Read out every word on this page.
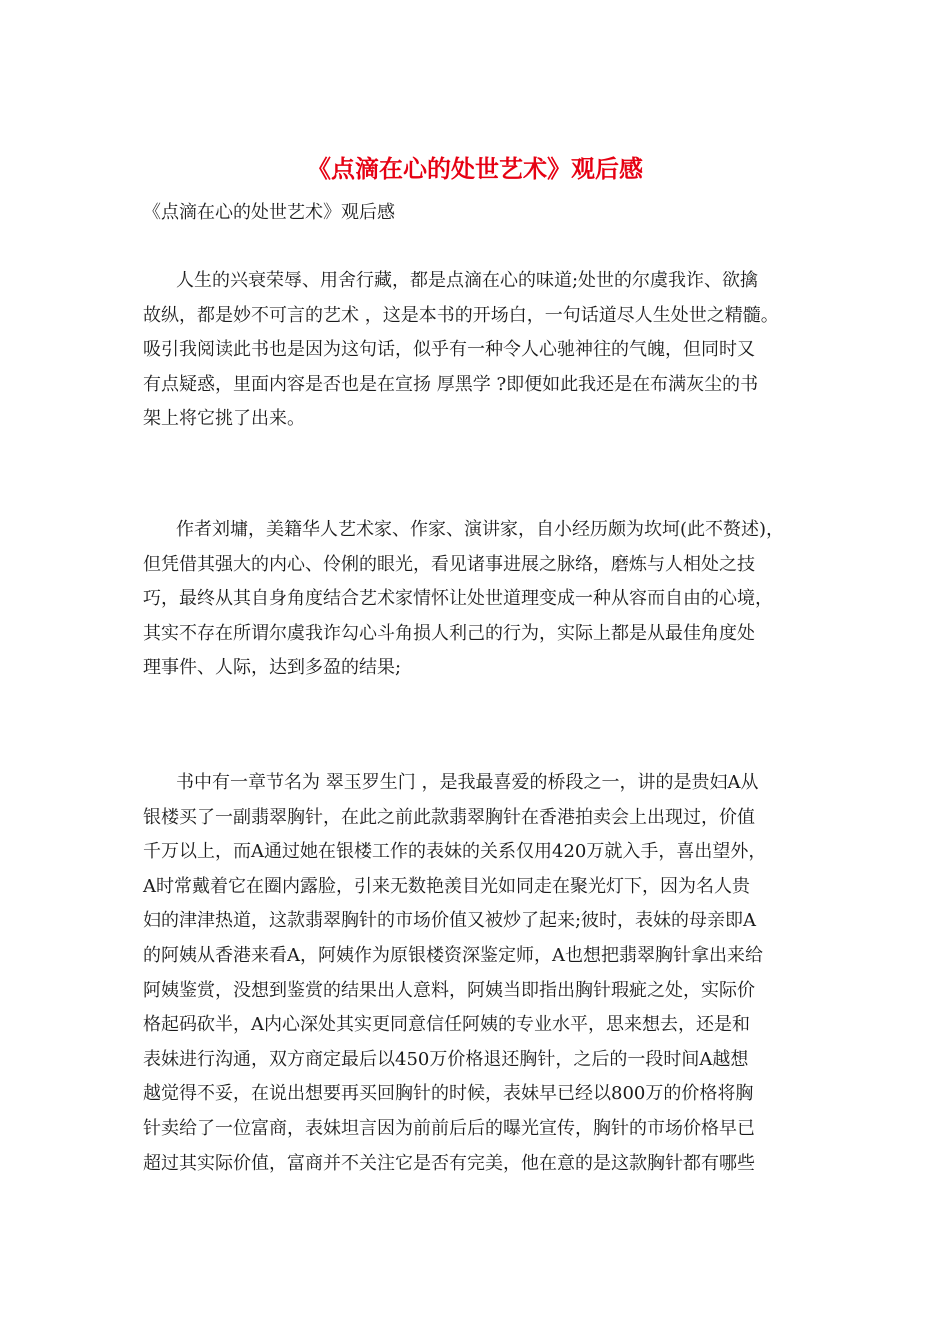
《点滴在心的处世艺术》观后感
《点滴在心的处世艺术》观后感
人生的兴衰荣辱、用舍行藏，都是点滴在心的味道;处世的尔虞我诈、欲擒
故纵，都是妙不可言的艺术 ，这是本书的开场白，一句话道尽人生处世之精髓。
吸引我阅读此书也是因为这句话，似乎有一种令人心驰神往的气魄，但同时又
有点疑惑，里面内容是否也是在宣扬 厚黑学 ?即便如此我还是在布满灰尘的书
架上将它挑了出来。
作者刘墉，美籍华人艺术家、作家、演讲家，自小经历颇为坎坷(此不赘述)，
但凭借其强大的内心、伶俐的眼光，看见诸事进展之脉络，磨炼与人相处之技
巧，最终从其自身角度结合艺术家情怀让处世道理变成一种从容而自由的心境，
其实不存在所谓尔虞我诈勾心斗角损人利己的行为，实际上都是从最佳角度处
理事件、人际，达到多盈的结果;
书中有一章节名为 翠玉罗生门 ，是我最喜爱的桥段之一，讲的是贵妇A从
银楼买了一副翡翠胸针，在此之前此款翡翠胸针在香港拍卖会上出现过，价值
千万以上，而A通过她在银楼工作的表妹的关系仅用420万就入手，喜出望外，
A时常戴着它在圈内露脸，引来无数艳羡目光如同走在聚光灯下，因为名人贵
妇的津津热道，这款翡翠胸针的市场价值又被炒了起来;彼时，表妹的母亲即A
的阿姨从香港来看A，阿姨作为原银楼资深鉴定师，A也想把翡翠胸针拿出来给
阿姨鉴赏，没想到鉴赏的结果出人意料，阿姨当即指出胸针瑕疵之处，实际价
格起码砍半，A内心深处其实更同意信任阿姨的专业水平，思来想去，还是和
表妹进行沟通，双方商定最后以450万价格退还胸针，之后的一段时间A越想
越觉得不妥，在说出想要再买回胸针的时候，表妹早已经以800万的价格将胸
针卖给了一位富商，表妹坦言因为前前后后的曝光宣传，胸针的市场价格早已
超过其实际价值，富商并不关注它是否有完美，他在意的是这款胸针都有哪些
